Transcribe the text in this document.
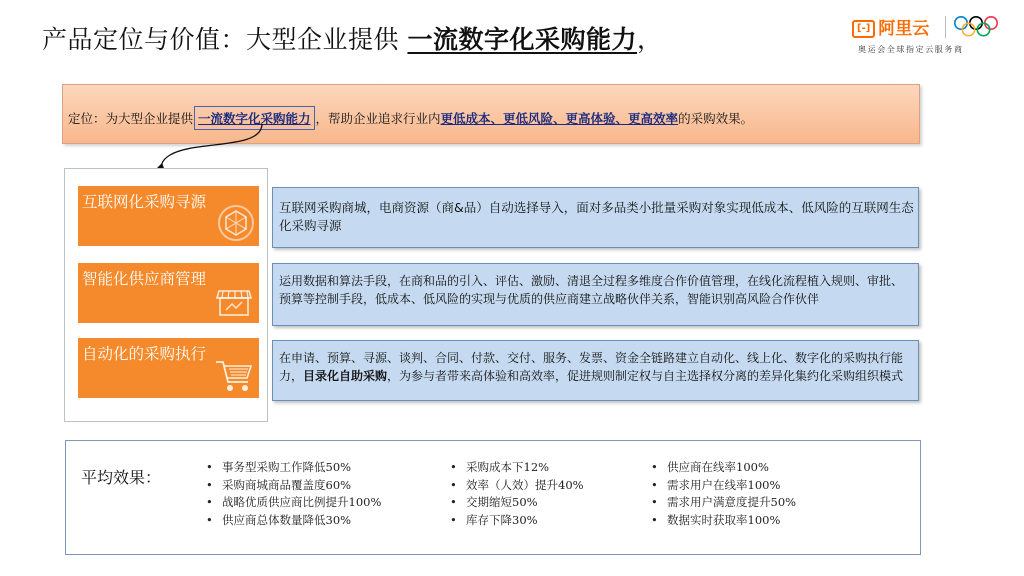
产品定位与价值：大型企业提供 一流数字化采购能力，	[-] 阿里云
奥运会全球指定云服务商
定位：为大型企业提供 一流数字化采购能力 ，帮助企业追求行业内更低成本、更低风险、更高体验、更高效率的采购效果。
互联网化采购寻源
智能化供应商管理
自动化的采购执行
互联网采购商城，电商资源（商&品）自动选择导入，面对多品类小批量采购对象实现低成本、低风险的互联网生态化采购寻源
运用数据和算法手段，在商和品的引入、评估、激励、清退全过程多维度合作价值管理，在线化流程植入规则、审批、预算等控制手段，低成本、低风险的实现与优质的供应商建立战略伙伴关系，智能识别高风险合作伙伴
在申请、预算、寻源、谈判、合同、付款、交付、服务、发票、资金全链路建立自动化、线上化、数字化的采购执行能力，目录化自助采购，为参与者带来高体验和高效率，促进规则制定权与自主选择权分离的差异化集约化采购组织模式
平均效果：
• 事务型采购工作降低50%
• 采购商城商品覆盖度60%
• 战略优质供应商比例提升100%
• 供应商总体数量降低30%
• 采购成本下12%
• 效率（人效）提升40%
• 交期缩短50%
• 库存下降30%
• 供应商在线率100%
• 需求用户在线率100%
• 需求用户满意度提升50%
• 数据实时获取率100%
